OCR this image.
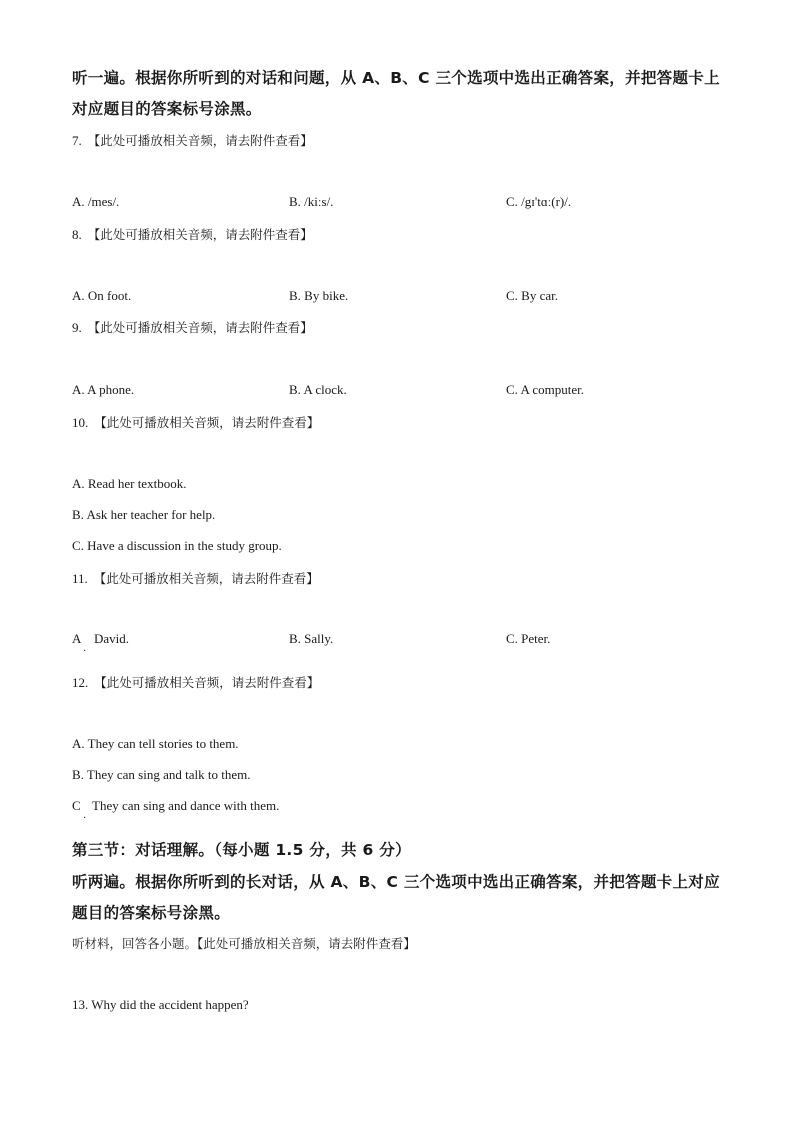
听一遍。根据你所听到的对话和问题，从 A、B、C 三个选项中选出正确答案，并把答题卡上
对应题目的答案标号涂黑。
7. 【此处可播放相关音频，请去附件查看】
A. /mes/.	B. /kiːs/.	C. /gɪ'tɑː(r)/.
8. 【此处可播放相关音频，请去附件查看】
A. On foot.	B. By bike.	C. By car.
9. 【此处可播放相关音频，请去附件查看】
A. A phone.	B. A clock.	C. A computer.
10. 【此处可播放相关音频，请去附件查看】
A. Read her textbook.
B. Ask her teacher for help.
C. Have a discussion in the study group.
11. 【此处可播放相关音频，请去附件查看】
A
.
David.	B. Sally.	C. Peter.
12. 【此处可播放相关音频，请去附件查看】
A. They can tell stories to them.
B. They can sing and talk to them.
C
.
They can sing and dance with them.
第三节：对话理解。（每小题 1.5 分，共 6 分）
听两遍。根据你所听到的长对话，从 A、B、C 三个选项中选出正确答案，并把答题卡上对应
题目的答案标号涂黑。
听材料，回答各小题。【此处可播放相关音频，请去附件查看】
13. Why did the accident happen?
